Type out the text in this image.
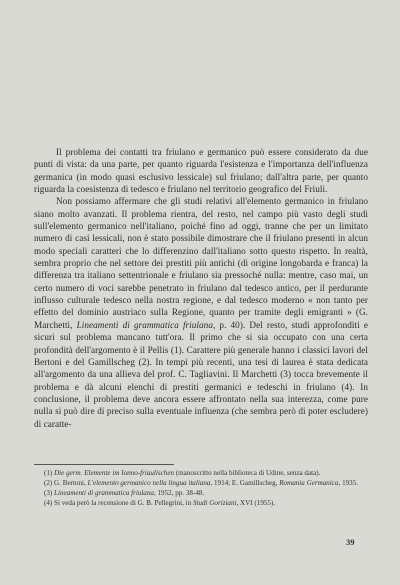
Il problema dei contatti tra friulano e germanico può essere considerato da due punti di vista: da una parte, per quanto riguarda l'esistenza e l'importanza dell'influenza germanica (in modo quasi esclusivo lessicale) sul friulano; dall'altra parte, per quanto riguarda la coesistenza di tedesco e friulano nel territorio geografico del Friuli.

Non possiamo affermare che gli studi relativi all'elemento germanico in friulano siano molto avanzati. Il problema rientra, del resto, nel campo più vasto degli studi sull'elemento germanico nell'italiano, poiché fino ad oggi, tranne che per un limitato numero di casi lessicali, non è stato possibile dimostrare che il friulano presenti in alcun modo speciali caratteri che lo differenzino dall'italiano sotto questo rispetto. In realtà, sembra proprio che nel settore dei prestiti più antichi (di origine longobarda e franca) la differenza tra italiano settentrionale e friulano sia pressoché nulla: mentre, caso mai, un certo numero di voci sarebbe penetrato in friulano dal tedesco antico, per il perdurante influsso culturale tedesco nella nostra regione, e dal tedesco moderno « non tanto per effetto del dominio austriaco sulla Regione, quanto per tramite degli emigranti » (G. Marchetti, Lineamenti di grammatica friulana, p. 40). Del resto, studi approfonditi e sicuri sul problema mancano tutt'ora. Il primo che si sia occupato con una certa profondità dell'argomento è il Pellis (1). Carattere più generale hanno i classici lavori del Bertoni e del Gamillscheg (2). In tempi più recenti, una tesi di laurea è stata dedicata all'argomento da una allieva del prof. C. Tagliavini. Il Marchetti (3) tocca brevemente il problema e dà alcuni elenchi di prestiti germanici e tedeschi in friulano (4). In conclusione, il problema deve ancora essere affrontato nella sua interezza, come pure nulla si può dire di preciso sulla eventuale influenza (che sembra però di poter escludere) di caratte-

(1) Die germ. Elemente im Ionno-friaulischen (manoscritto nella biblioteca di Udine, senza data).

(2) G. Bertoni, L'elemento germanico nella lingua italiana, 1914; E. Gamillscheg, Romania Germanica, 1935.

(3) Lineamenti di grammatica friulana, 1952, pp. 38-48.

(4) Si veda però la recensione di G. B. Pellegrini, in Studi Goriziani, XVI (1955).

39
